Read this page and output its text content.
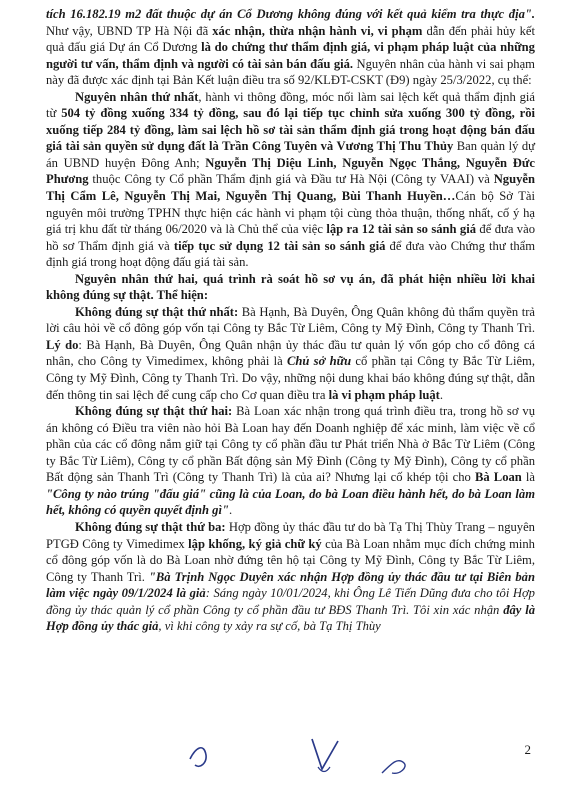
tích 16.182.19 m2 đất thuộc dự án Cổ Dương không đúng với kết quả kiểm tra thực địa". Như vậy, UBND TP Hà Nội đã xác nhận, thừa nhận hành vi, vi phạm dẫn đến phải hủy kết quả đấu giá Dự án Cổ Dương là do chứng thư thẩm định giá, vi phạm pháp luật của những người tư vấn, thẩm định và người có tài sản bán đấu giá. Nguyên nhân của hành vi sai phạm này đã được xác định tại Bản Kết luận điều tra số 92/KLĐT-CSKT (Đ9) ngày 25/3/2022, cụ thể:

Nguyên nhân thứ nhất, hành vi thông đồng, móc nối làm sai lệch kết quả thẩm định giá từ 504 tỷ đồng xuống 334 tỷ đồng, sau đó lại tiếp tục chỉnh sửa xuống 300 tỷ đồng, rồi xuống tiếp 284 tỷ đồng, làm sai lệch hồ sơ tài sản thẩm định giá trong hoạt động bán đấu giá tài sản quyền sử dụng đất là Trần Công Tuyên và Vương Thị Thu Thủy Ban quản lý dự án UBND huyện Đông Anh; Nguyễn Thị Diệu Linh, Nguyễn Ngọc Thắng, Nguyễn Đức Phương thuộc Công ty Cổ phần Thẩm định giá và Đầu tư Hà Nội (Công ty VAAI) và Nguyễn Thị Cẩm Lê, Nguyễn Thị Mai, Nguyễn Thị Quang, Bùi Thanh Huyền…Cán bộ Sở Tài nguyên môi trường TPHN thực hiện các hành vi phạm tội cùng thỏa thuận, thống nhất, cố ý hạ giá trị khu đất từ tháng 06/2020 và là Chủ thể của việc lập ra 12 tài sản so sánh giá để đưa vào hồ sơ Thẩm định giá và tiếp tục sử dụng 12 tài sản so sánh giá để đưa vào Chứng thư thẩm định giá trong hoạt động đấu giá tài sản.

Nguyên nhân thứ hai, quá trình rà soát hồ sơ vụ án, đã phát hiện nhiều lời khai không đúng sự thật. Thể hiện:

Không đúng sự thật thứ nhất: Bà Hạnh, Bà Duyên, Ông Quân không đủ thẩm quyền trả lời câu hỏi về cổ đông góp vốn tại Công ty Bắc Từ Liêm, Công ty Mỹ Đình, Công ty Thanh Trì. Lý do: Bà Hạnh, Bà Duyên, Ông Quân nhận ủy thác đầu tư quản lý vốn góp cho cổ đông cá nhân, cho Công ty Vimedimex, không phải là Chủ sở hữu cổ phần tại Công ty Bắc Từ Liêm, Công ty Mỹ Đình, Công ty Thanh Trì. Do vậy, những nội dung khai báo không đúng sự thật, dẫn đến thông tin sai lệch để cung cấp cho Cơ quan điều tra là vi phạm pháp luật.

Không đúng sự thật thứ hai: Bà Loan xác nhận trong quá trình điều tra, trong hồ sơ vụ án không có Điều tra viên nào hỏi Bà Loan hay đến Doanh nghiệp để xác minh, làm việc về cổ phần của các cổ đông nắm giữ tại Công ty cổ phần đầu tư Phát triển Nhà ở Bắc Từ Liêm (Công ty Bắc Từ Liêm), Công ty cổ phần Bất động sản Mỹ Đình (Công ty Mỹ Đình), Công ty cổ phần Bất động sản Thanh Trì (Công ty Thanh Trì) là của ai? Nhưng lại cố khép tội cho Bà Loan là "Công ty nào trúng "đấu giá" cũng là của Loan, do bà Loan điều hành hết, do bà Loan làm hết, không có quyền quyết định gì".

Không đúng sự thật thứ ba: Hợp đồng ủy thác đầu tư do bà Tạ Thị Thùy Trang – nguyên PTGĐ Công ty Vimedimex lập khống, ký giả chữ ký của Bà Loan nhằm mục đích chứng minh cổ đông góp vốn là do Bà Loan nhờ đứng tên hộ tại Công ty Mỹ Đình, Công ty Bắc Từ Liêm, Công ty Thanh Trì. "Bà Trịnh Ngọc Duyên xác nhận Hợp đồng ủy thác đầu tư tại Biên bản làm việc ngày 09/1/2024 là giả: Sáng ngày 10/01/2024, khi Ông Lê Tiến Dũng đưa cho tôi Hợp đồng ủy thác quản lý cổ phần Công ty cổ phần đầu tư BĐS Thanh Trì. Tôi xin xác nhận đây là Hợp đồng ủy thác giả, vì khi công ty xảy ra sự cố, bà Tạ Thị Thùy

2
